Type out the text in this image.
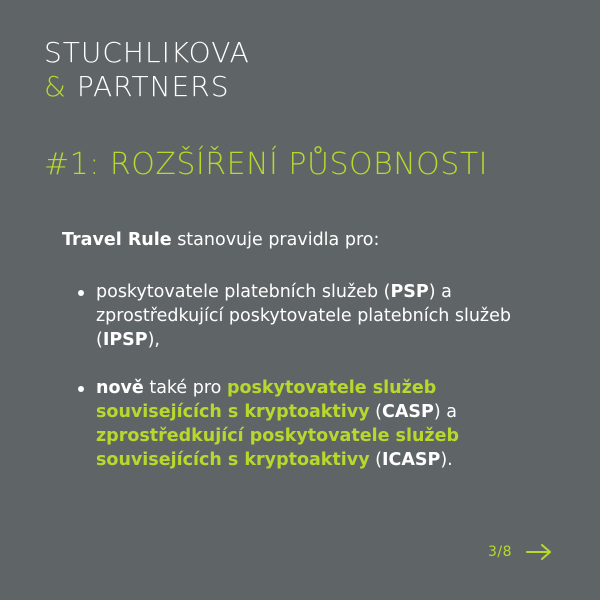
STUCHLIKOVA
& PARTNERS
#1: ROZŠÍŘENÍ PŮSOBNOSTI
Travel Rule stanovuje pravidla pro:
poskytovatele platebních služeb (PSP) a zprostředkující poskytovatele platebních služeb (IPSP),
nově také pro poskytovatele služeb souvisejících s kryptoaktivy (CASP) a zprostředkující poskytovatele služeb souvisejících s kryptoaktivy (ICASP).
3/8
